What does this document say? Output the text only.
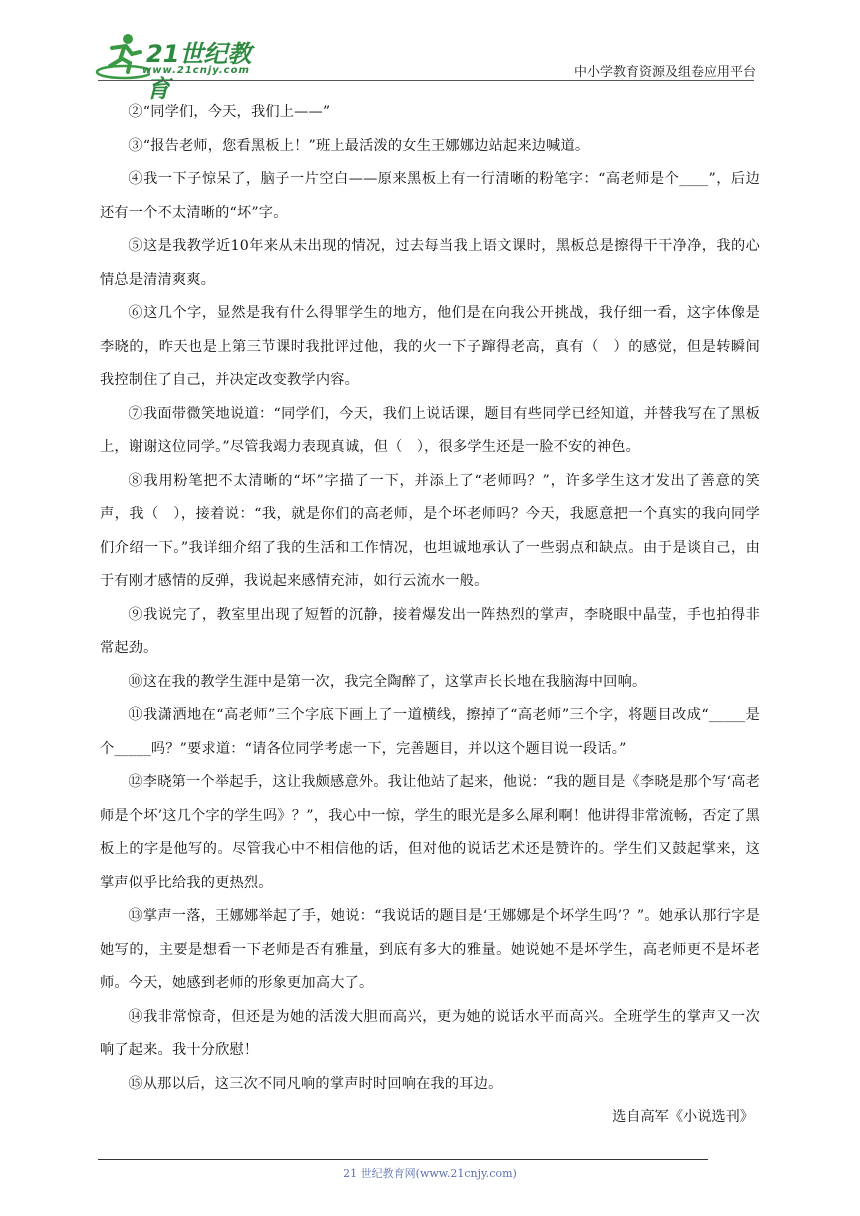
21世纪教育
www.21cnjy.com	中小学教育资源及组卷应用平台

②“同学们，今天，我们上——”

③“报告老师，您看黑板上！”班上最活泼的女生王娜娜边站起来边喊道。

④我一下子惊呆了，脑子一片空白——原来黑板上有一行清晰的粉笔字：“高老师是个____”，后边还有一个不太清晰的“坏”字。

⑤这是我教学近10年来从未出现的情况，过去每当我上语文课时，黑板总是擦得干干净净，我的心情总是清清爽爽。

⑥这几个字，显然是我有什么得罪学生的地方，他们是在向我公开挑战，我仔细一看，这字体像是李晓的，昨天也是上第三节课时我批评过他，我的火一下子蹿得老高，真有（　）的感觉，但是转瞬间我控制住了自己，并决定改变教学内容。

⑦我面带微笑地说道：“同学们，今天，我们上说话课，题目有些同学已经知道，并替我写在了黑板上，谢谢这位同学。”尽管我竭力表现真诚，但（　），很多学生还是一脸不安的神色。

⑧我用粉笔把不太清晰的“坏”字描了一下，并添上了“老师吗？”，许多学生这才发出了善意的笑声，我（　），接着说：“我，就是你们的高老师，是个坏老师吗？今天，我愿意把一个真实的我向同学们介绍一下。”我详细介绍了我的生活和工作情况，也坦诚地承认了一些弱点和缺点。由于是谈自己，由于有刚才感情的反弹，我说起来感情充沛，如行云流水一般。

⑨我说完了，教室里出现了短暂的沉静，接着爆发出一阵热烈的掌声，李晓眼中晶莹，手也拍得非常起劲。

⑩这在我的教学生涯中是第一次，我完全陶醉了，这掌声长长地在我脑海中回响。

⑪我潇洒地在“高老师”三个字底下画上了一道横线，擦掉了“高老师”三个字，将题目改成“_____是个_____吗？”要求道：“请各位同学考虑一下，完善题目，并以这个题目说一段话。”

⑫李晓第一个举起手，这让我颇感意外。我让他站了起来，他说：“我的题目是《李晓是那个写‘高老师是个坏’这几个字的学生吗》？”，我心中一惊，学生的眼光是多么犀利啊！他讲得非常流畅，否定了黑板上的字是他写的。尽管我心中不相信他的话，但对他的说话艺术还是赞许的。学生们又鼓起掌来，这掌声似乎比给我的更热烈。

⑬掌声一落，王娜娜举起了手，她说：“我说话的题目是‘王娜娜是个坏学生吗’？”。她承认那行字是她写的，主要是想看一下老师是否有雅量，到底有多大的雅量。她说她不是坏学生，高老师更不是坏老师。今天，她感到老师的形象更加高大了。

⑭我非常惊奇，但还是为她的活泼大胆而高兴，更为她的说话水平而高兴。全班学生的掌声又一次响了起来。我十分欣慰！

⑮从那以后，这三次不同凡响的掌声时时回响在我的耳边。

选自高军《小说选刊》

21 世纪教育网(www.21cnjy.com)
